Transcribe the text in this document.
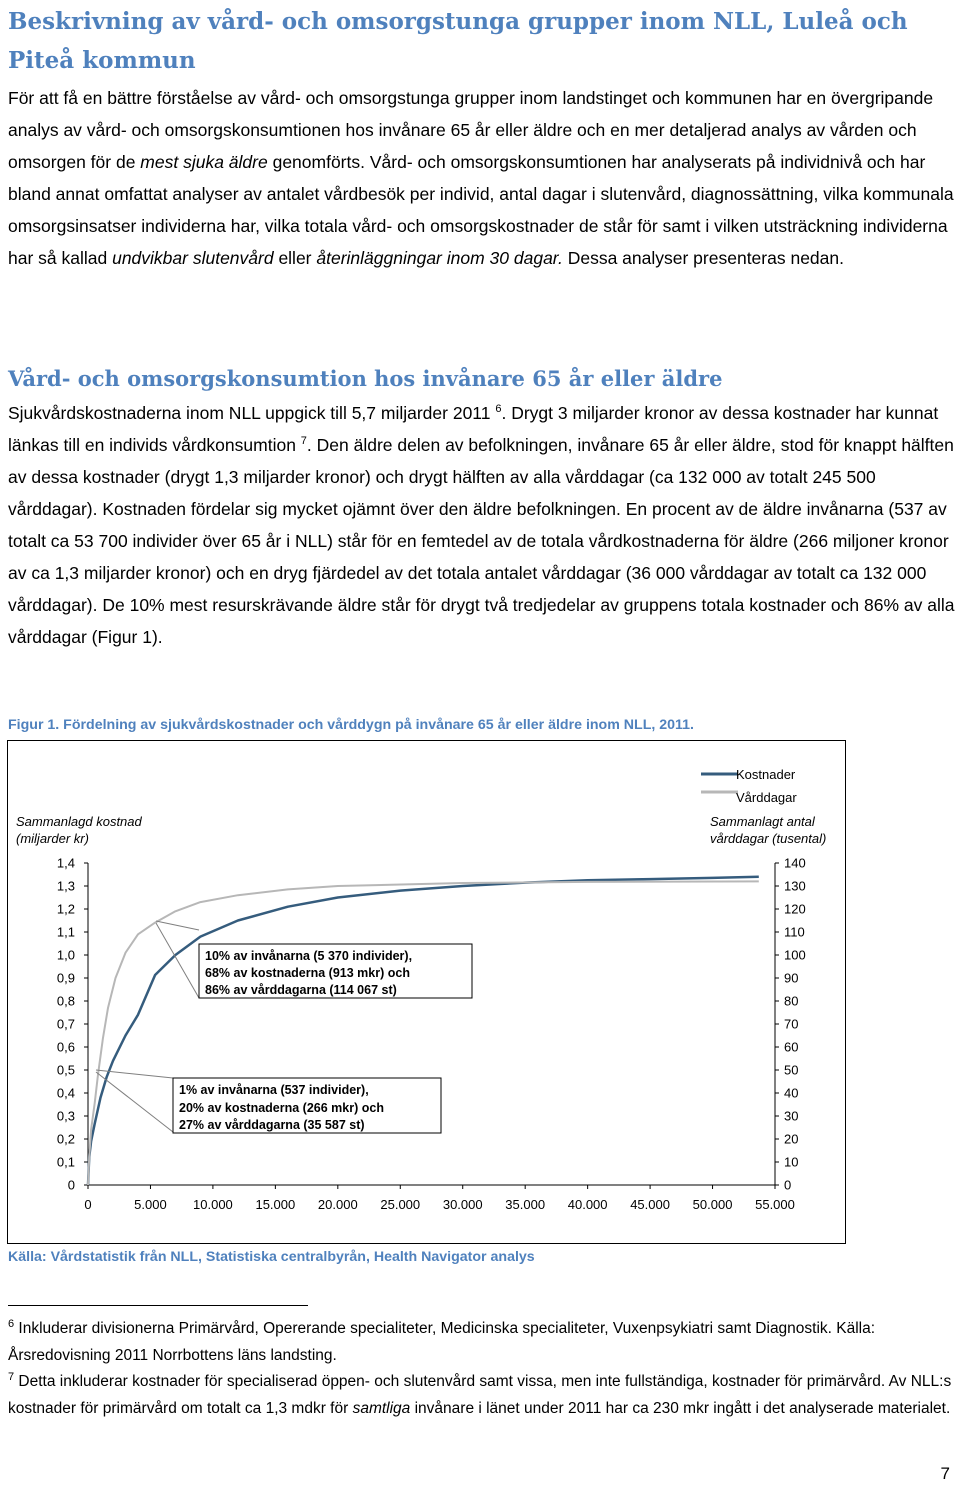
Beskrivning av vård- och omsorgstunga grupper inom NLL, Luleå och Piteå kommun

För att få en bättre förståelse av vård- och omsorgstunga grupper inom landstinget och kommunen har en övergripande analys av vård- och omsorgskonsumtionen hos invånare 65 år eller äldre och en mer detaljerad analys av vården och omsorgen för de mest sjuka äldre genomförts. Vård- och omsorgskonsumtionen har analyserats på individnivå och har bland annat omfattat analyser av antalet vårdbesök per individ, antal dagar i slutenvård, diagnossättning, vilka kommunala omsorgsinsatser individerna har, vilka totala vård- och omsorgskostnader de står för samt i vilken utsträckning individerna har så kallad undvikbar slutenvård eller återinläggningar inom 30 dagar. Dessa analyser presenteras nedan.

Vård- och omsorgskonsumtion hos invånare 65 år eller äldre

Sjukvårdskostnaderna inom NLL uppgick till 5,7 miljarder 2011 $^6$. Drygt 3 miljarder kronor av dessa kostnader har kunnat länkas till en individs vårdkonsumtion $^7$. Den äldre delen av befolkningen, invånare 65 år eller äldre, stod för knappt hälften av dessa kostnader (drygt 1,3 miljarder kronor) och drygt hälften av alla vårddagar (ca 132 000 av totalt 245 500 vårddagar). Kostnaden fördelar sig mycket ojämnt över den äldre befolkningen. En procent av de äldre invånarna (537 av totalt ca 53 700 individer över 65 år i NLL) står för en femtedel av de totala vårdkostnaderna för äldre (266 miljoner kronor av ca 1,3 miljarder kronor) och en dryg fjärdedel av det totala antalet vårddagar (36 000 vårddagar av totalt ca 132 000 vårddagar). De 10% mest resurskrävande äldre står för drygt två tredjedelar av gruppens totala kostnader och 86% av alla vårddagar (Figur 1).

Figur 1. Fördelning av sjukvårdskostnader och vårddygn på invånare 65 år eller äldre inom NLL, 2011.

0
0,1
0,2
0,3
0,4
0,5
0,6
0,7
0,8
0,9
1,0
1,1
1,2
1,3
1,4
0
10
20
30
40
50
60
70
80
90
100
110
120
130
140
0	5.000 10.000 15.000 20.000 25.000 30.000 35.000 40.000 45.000 50.000 55.000
Kostnader
Vårddagar
Sammanlagd kostnad
(miljarder kr)
Sammanlagt antal
vårddagar (tusental)
10% av invånarna (5 370 individer),
68% av kostnaderna (913 mkr) och
86% av vårddagarna (114 067 st)
1% av invånarna (537 individer),
20% av kostnaderna (266 mkr) och
27% av vårddagarna (35 587 st)

Källa: Vårdstatistik från NLL, Statistiska centralbyrån, Health Navigator analys

$^6$ Inkluderar divisionerna Primärvård, Opererande specialiteter, Medicinska specialiteter, Vuxenpsykiatri samt Diagnostik. Källa: Årsredovisning 2011 Norrbottens läns landsting.

$^7$ Detta inkluderar kostnader för specialiserad öppen- och slutenvård samt vissa, men inte fullständiga, kostnader för primärvård. Av NLL:s kostnader för primärvård om totalt ca 1,3 mdkr för samtliga invånare i länet under 2011 har ca 230 mkr ingått i det analyserade materialet.

7
